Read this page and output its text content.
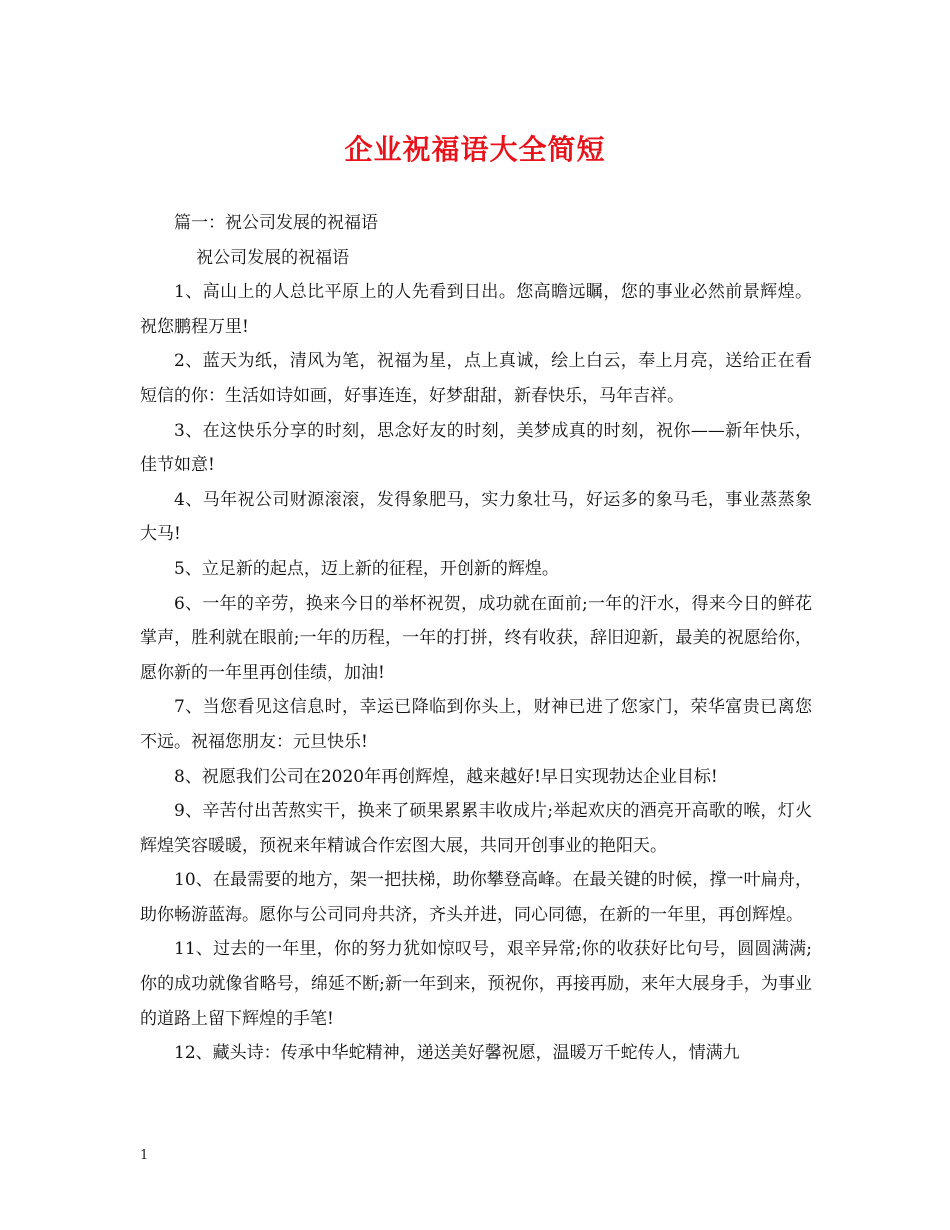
企业祝福语大全简短

篇一：祝公司发展的祝福语

祝公司发展的祝福语

1、高山上的人总比平原上的人先看到日出。您高瞻远瞩，您的事业必然前景辉煌。祝您鹏程万里!

2、蓝天为纸，清风为笔，祝福为星，点上真诚，绘上白云，奉上月亮，送给正在看短信的你：生活如诗如画，好事连连，好梦甜甜，新春快乐，马年吉祥。

3、在这快乐分享的时刻，思念好友的时刻，美梦成真的时刻，祝你——新年快乐，佳节如意!

4、马年祝公司财源滚滚，发得象肥马，实力象壮马，好运多的象马毛，事业蒸蒸象大马!

5、立足新的起点，迈上新的征程，开创新的辉煌。

6、一年的辛劳，换来今日的举杯祝贺，成功就在面前;一年的汗水，得来今日的鲜花掌声，胜利就在眼前;一年的历程，一年的打拼，终有收获，辞旧迎新，最美的祝愿给你，愿你新的一年里再创佳绩，加油!

7、当您看见这信息时，幸运已降临到你头上，财神已进了您家门，荣华富贵已离您不远。祝福您朋友：元旦快乐!

8、祝愿我们公司在2020年再创辉煌，越来越好!早日实现勃达企业目标!

9、辛苦付出苦熬实干，换来了硕果累累丰收成片;举起欢庆的酒亮开高歌的喉，灯火辉煌笑容暖暖，预祝来年精诚合作宏图大展，共同开创事业的艳阳天。

10、在最需要的地方，架一把扶梯，助你攀登高峰。在最关键的时候，撑一叶扁舟，助你畅游蓝海。愿你与公司同舟共济，齐头并进，同心同德，在新的一年里，再创辉煌。

11、过去的一年里，你的努力犹如惊叹号，艰辛异常;你的收获好比句号，圆圆满满;你的成功就像省略号，绵延不断;新一年到来，预祝你，再接再励，来年大展身手，为事业的道路上留下辉煌的手笔!

12、藏头诗：传承中华蛇精神，递送美好馨祝愿，温暖万千蛇传人，情满九

1
